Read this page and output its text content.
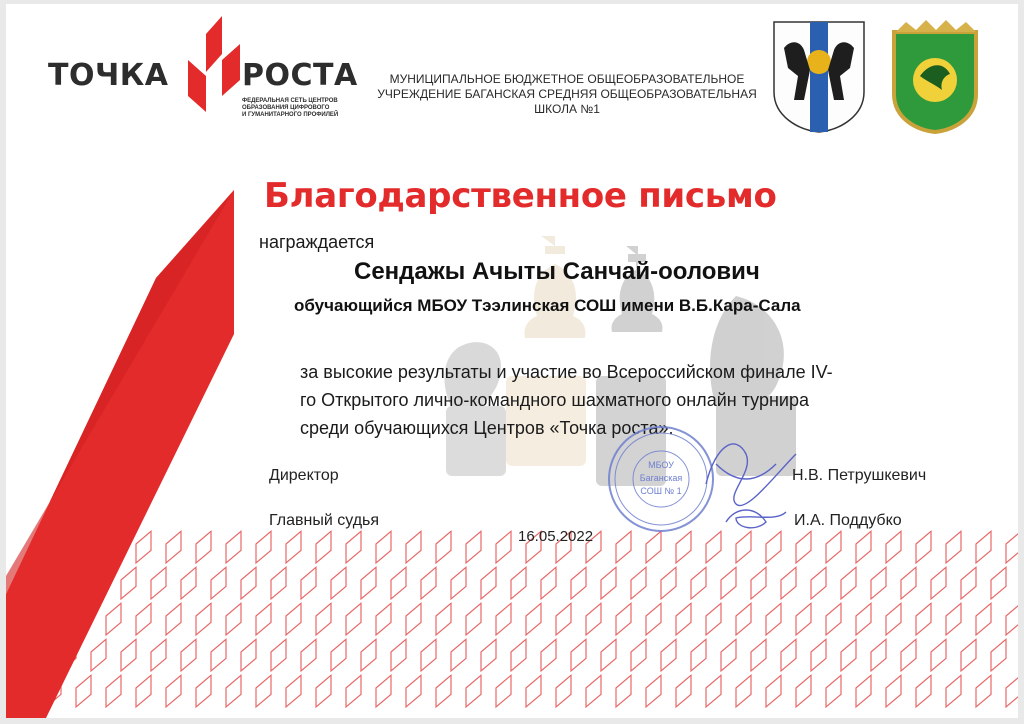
ТОЧКА РОСТА
ФЕДЕРАЛЬНАЯ СЕТЬ ЦЕНТРОВ
ОБРАЗОВАНИЯ ЦИФРОВОГО
И ГУМАНИТАРНОГО ПРОФИЛЕЙ
МУНИЦИПАЛЬНОЕ БЮДЖЕТНОЕ ОБЩЕОБРАЗОВАТЕЛЬНОЕ
УЧРЕЖДЕНИЕ БАГАНСКАЯ СРЕДНЯЯ ОБЩЕОБРАЗОВАТЕЛЬНАЯ
ШКОЛА №1
Благодарственное письмо
награждается
Сендажы Ачыты Санчай-оолович
обучающийся МБОУ Тээлинская СОШ имени В.Б.Кара-Сала
за высокие результаты и участие во Всероссийском финале IV-
го Открытого лично-командного шахматного онлайн турнира
среди обучающихся Центров «Точка роста».
МБОУ
Баганская
СОШ № 1
Директор	Н.В. Петрушкевич
Главный судья	И.А. Поддубко
16.05.2022
